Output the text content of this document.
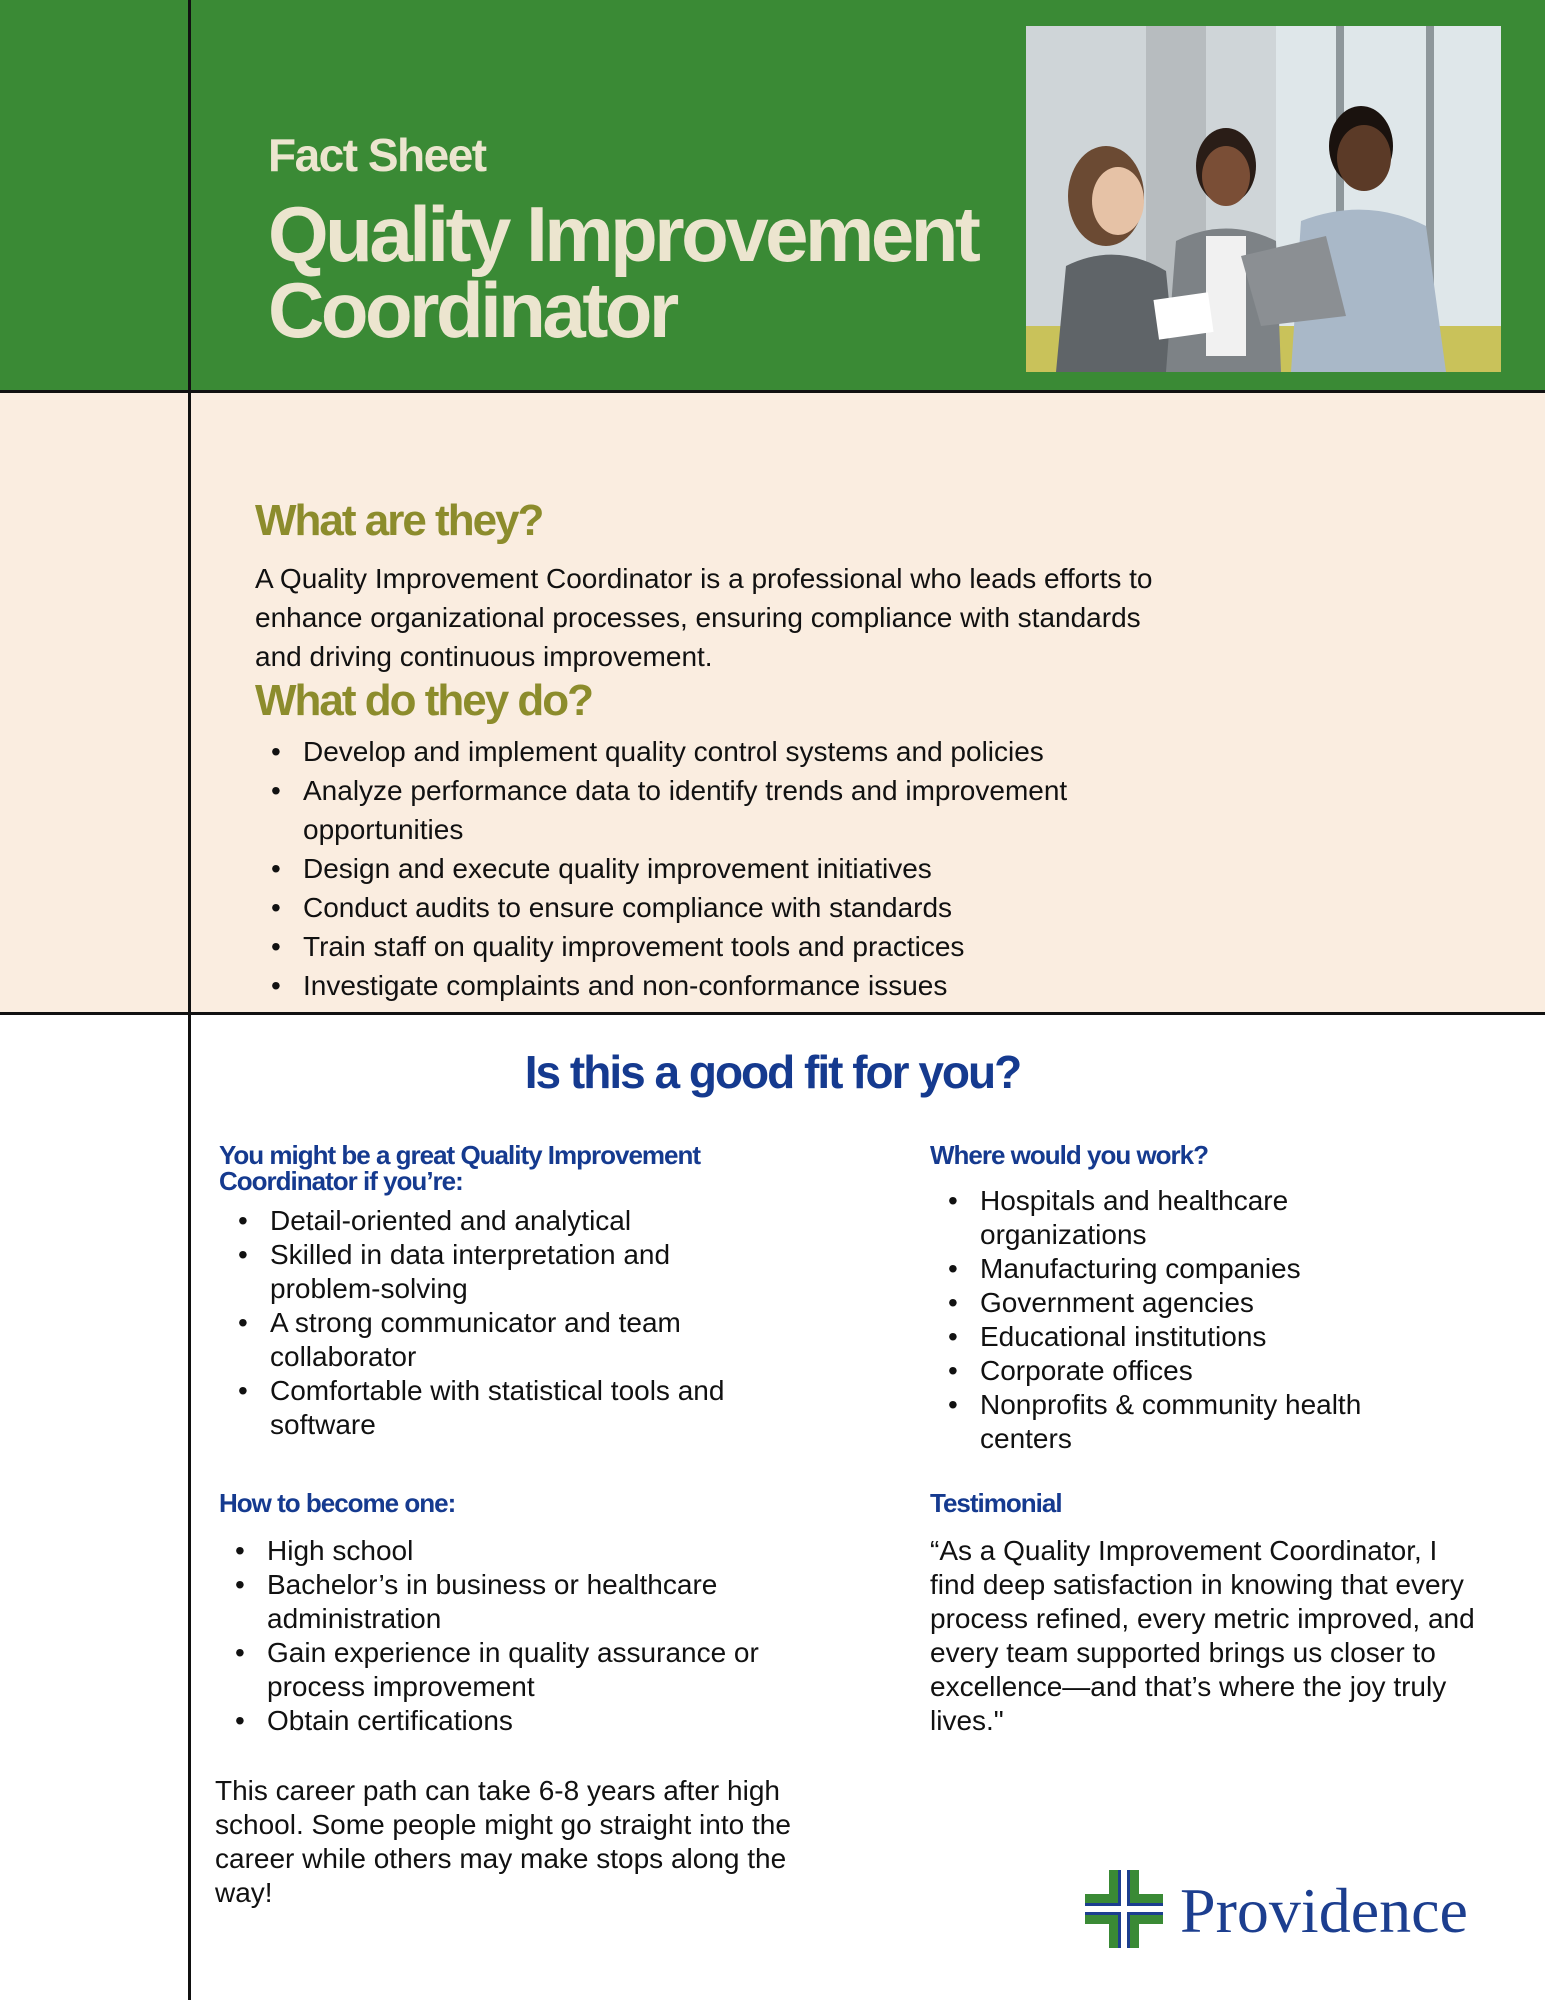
Fact Sheet
Quality Improvement
Coordinator
What are they?
A Quality Improvement Coordinator is a professional who leads efforts to enhance organizational processes, ensuring compliance with standards and driving continuous improvement.
What do they do?
• Develop and implement quality control systems and policies
• Analyze performance data to identify trends and improvement opportunities
• Design and execute quality improvement initiatives
• Conduct audits to ensure compliance with standards
• Train staff on quality improvement tools and practices
• Investigate complaints and non-conformance issues
Is this a good fit for you?
You might be a great Quality Improvement Coordinator if you’re:
• Detail-oriented and analytical
• Skilled in data interpretation and problem-solving
• A strong communicator and team collaborator
• Comfortable with statistical tools and software
Where would you work?
• Hospitals and healthcare organizations
• Manufacturing companies
• Government agencies
• Educational institutions
• Corporate offices
• Nonprofits & community health centers
How to become one:
• High school
• Bachelor’s in business or healthcare administration
• Gain experience in quality assurance or process improvement
• Obtain certifications
This career path can take 6-8 years after high school. Some people might go straight into the career while others may make stops along the way!
Testimonial
“As a Quality Improvement Coordinator, I find deep satisfaction in knowing that every process refined, every metric improved, and every team supported brings us closer to excellence—and that’s where the joy truly lives."
Providence
